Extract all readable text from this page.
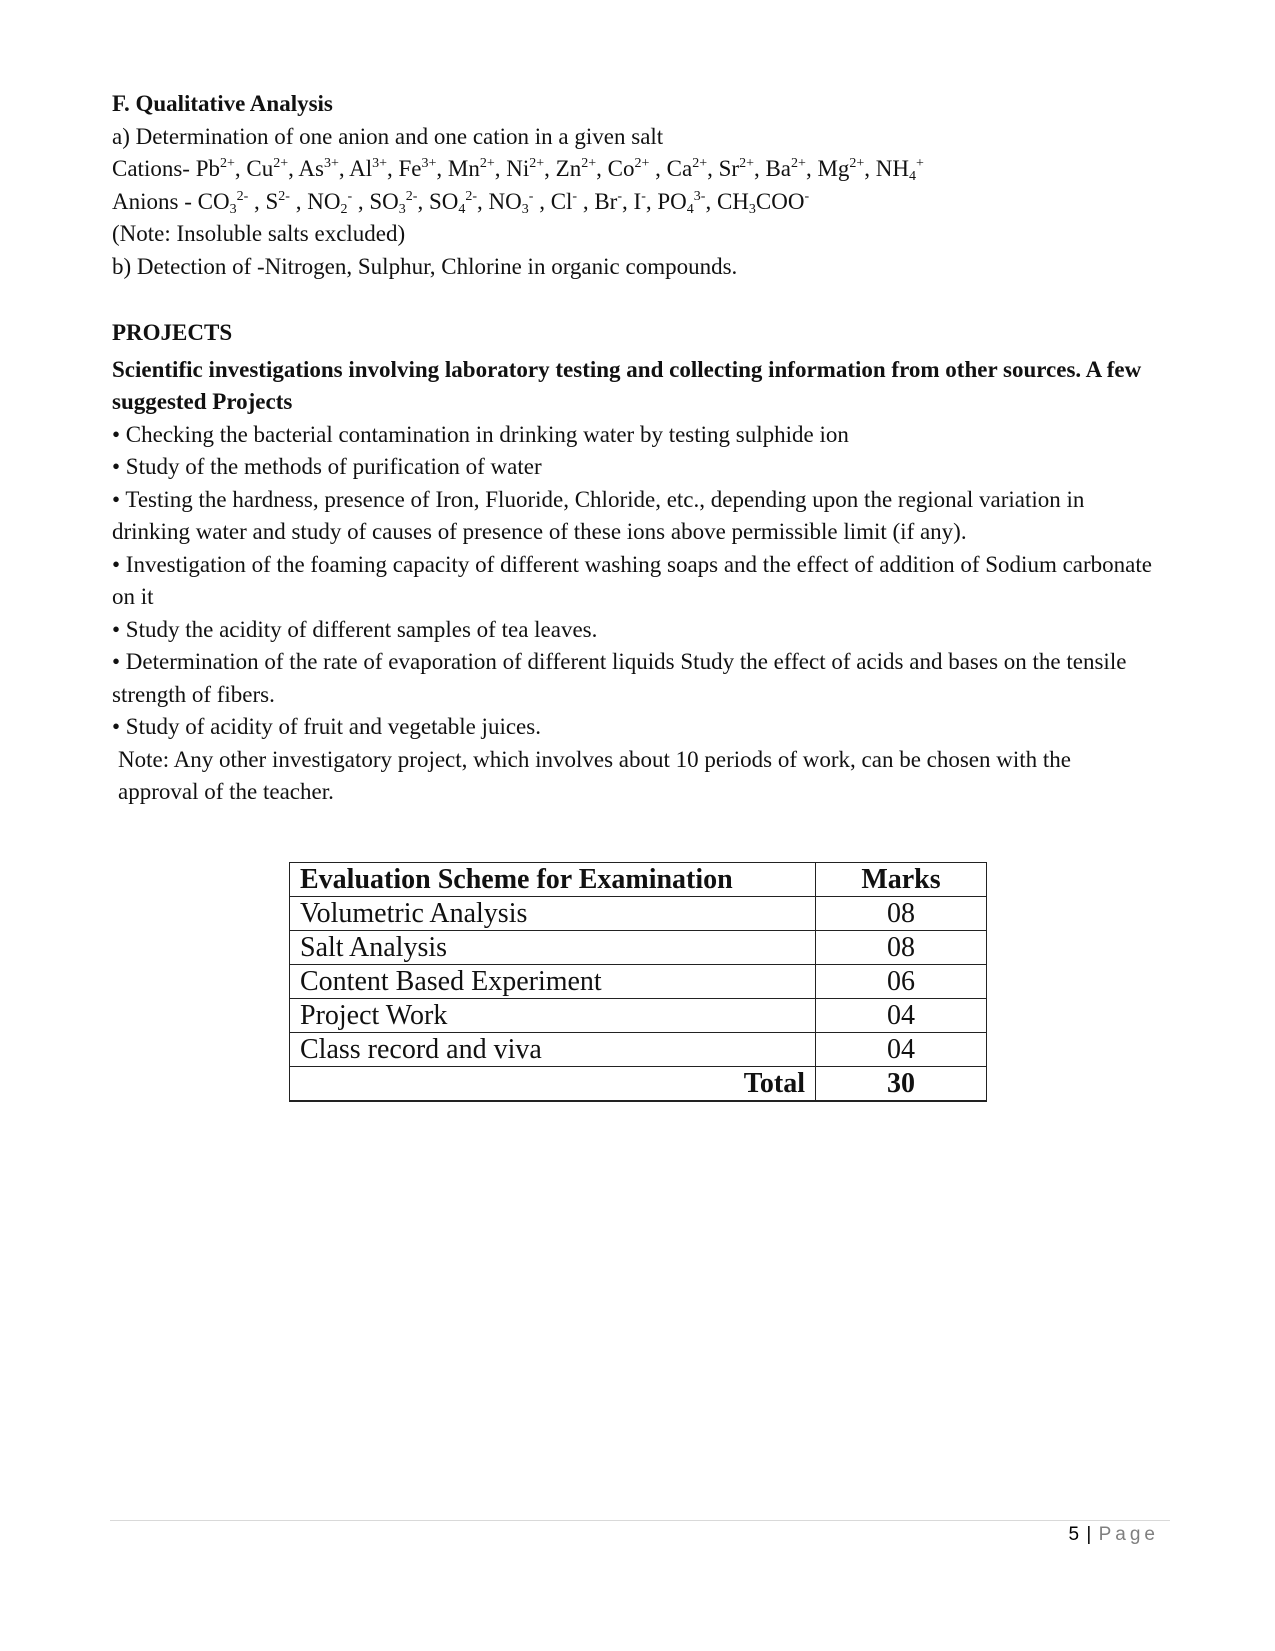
F. Qualitative Analysis

a) Determination of one anion and one cation in a given salt

Cations- $Pb^{2+}$, $Cu^{2+}$, $As^{3+}$, $Al^{3+}$, $Fe^{3+}$, $Mn^{2+}$, $Ni^{2+}$, $Zn^{2+}$, $Co^{2+}$ , $Ca^{2+}$, $Sr^{2+}$, $Ba^{2+}$, $Mg^{2+}$, $NH_4^+$

Anions - $CO_3^{2-}$ , $S^{2-}$ , $NO_2^-$ , $SO_3^{2-}$, $SO_4^{2-}$, $NO_3^-$ , Cl- , Br-, I-, $PO_4^{3-}$, $CH_3COO^-$

(Note: Insoluble salts excluded)

b) Detection of -Nitrogen, Sulphur, Chlorine in organic compounds.

PROJECTS

Scientific investigations involving laboratory testing and collecting information from other sources. A few suggested Projects

• Checking the bacterial contamination in drinking water by testing sulphide ion

• Study of the methods of purification of water

• Testing the hardness, presence of Iron, Fluoride, Chloride, etc., depending upon the regional variation in drinking water and study of causes of presence of these ions above permissible limit (if any).

• Investigation of the foaming capacity of different washing soaps and the effect of addition of Sodium carbonate on it

• Study the acidity of different samples of tea leaves.

• Determination of the rate of evaporation of different liquids Study the effect of acids and bases on the tensile strength of fibers.

• Study of acidity of fruit and vegetable juices.

Note: Any other investigatory project, which involves about 10 periods of work, can be chosen with the approval of the teacher.

Evaluation Scheme for Examination	Marks
Volumetric Analysis	08
Salt Analysis	08
Content Based Experiment	06
Project Work	04
Class record and viva	04
Total	30
5 | Page
